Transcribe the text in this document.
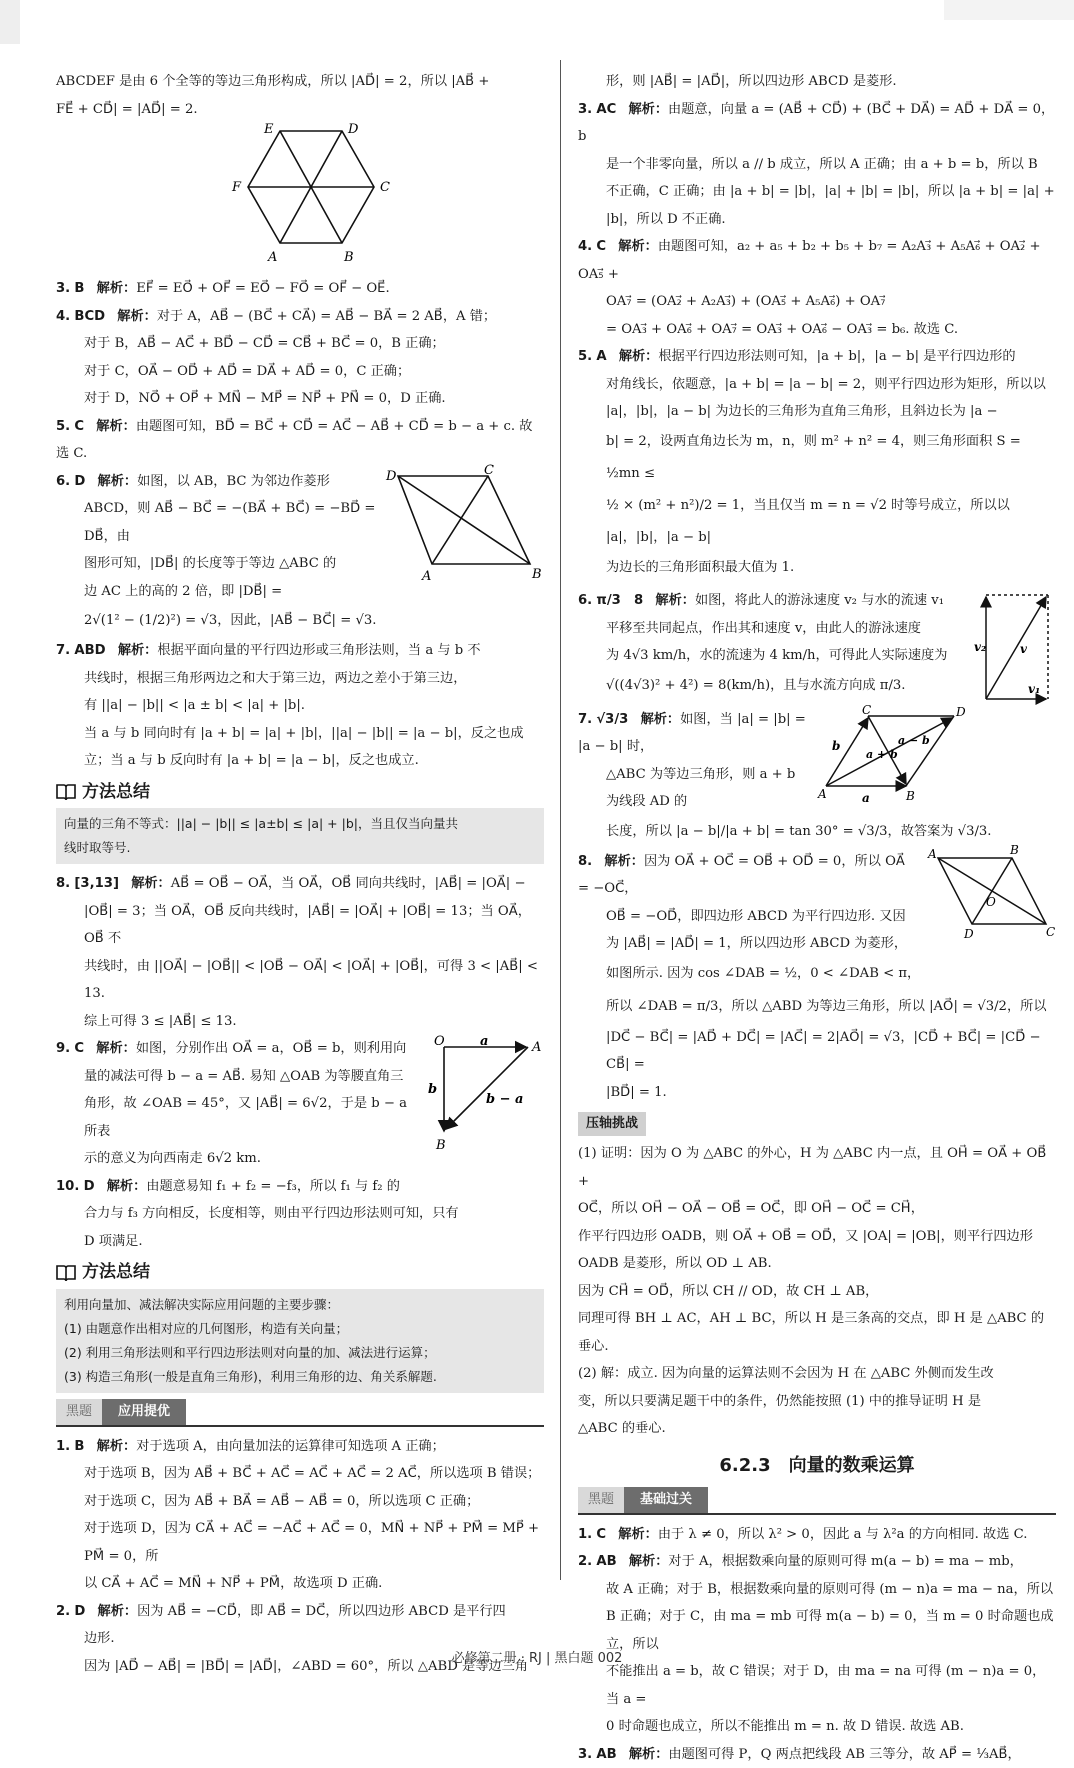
ABCDEF 是由 6 个全等的等边三角形构成，所以 |AD⃗| = 2，所以 |AB⃗ +

FE⃗ + CD⃗| = |AD⃗| = 2.

E	D
F	C
A	B

3. B 解析：EF⃗ = EO⃗ + OF⃗ = EO⃗ − FO⃗ = OF⃗ − OE⃗.

4. BCD 解析：对于 A，AB⃗ − (BC⃗ + CA⃗) = AB⃗ − BA⃗ = 2 AB⃗，A 错；

对于 B，AB⃗ − AC⃗ + BD⃗ − CD⃗ = CB⃗ + BC⃗ = 0，B 正确；

对于 C，OA⃗ − OD⃗ + AD⃗ = DA⃗ + AD⃗ = 0，C 正确；

对于 D，NO⃗ + OP⃗ + MN⃗ − MP⃗ = NP⃗ + PN⃗ = 0，D 正确.

5. C 解析：由题图可知，BD⃗ = BC⃗ + CD⃗ = AC⃗ − AB⃗ + CD⃗ = b − a + c. 故选 C.

D	C
A	B

6. D 解析：如图，以 AB，BC 为邻边作菱形

ABCD，则 AB⃗ − BC⃗ = −(BA⃗ + BC⃗) = −BD⃗ = DB⃗，由

图形可知，|DB⃗| 的长度等于等边 △ABC 的

边 AC 上的高的 2 倍，即 |DB⃗| =

2√(1² − (1/2)²) = √3，因此，|AB⃗ − BC⃗| = √3.

7. ABD 解析：根据平面向量的平行四边形或三角形法则，当 a 与 b 不

共线时，根据三角形两边之和大于第三边，两边之差小于第三边，

有 ||a| − |b|| < |a ± b| < |a| + |b|.

当 a 与 b 同向时有 |a + b| = |a| + |b|，||a| − |b|| = |a − b|，反之也成

立；当 a 与 b 反向时有 |a + b| = |a − b|，反之也成立.

方法总结
向量的三角不等式：||a| − |b|| ≤ |a±b| ≤ |a| + |b|，当且仅当向量共
线时取等号.

8. [3,13] 解析：AB⃗ = OB⃗ − OA⃗，当 OA⃗，OB⃗ 同向共线时，|AB⃗| = |OA⃗| −

|OB⃗| = 3；当 OA⃗，OB⃗ 反向共线时，|AB⃗| = |OA⃗| + |OB⃗| = 13；当 OA⃗，OB⃗ 不

共线时，由 ||OA⃗| − |OB⃗|| < |OB⃗ − OA⃗| < |OA⃗| + |OB⃗|，可得 3 < |AB⃗| < 13.

综上可得 3 ≤ |AB⃗| ≤ 13.

O	A
B
a
b
b − a

9. C 解析：如图，分别作出 OA⃗ = a，OB⃗ = b，则利用向

量的减法可得 b − a = AB⃗. 易知 △OAB 为等腰直角三

角形，故 ∠OAB = 45°，又 |AB⃗| = 6√2，于是 b − a 所表

示的意义为向西南走 6√2 km.

10. D 解析：由题意易知 f₁ + f₂ = −f₃，所以 f₁ 与 f₂ 的

合力与 f₃ 方向相反，长度相等，则由平行四边形法则可知，只有

D 项满足.

方法总结
利用向量加、减法解决实际应用问题的主要步骤：
(1) 由题意作出相对应的几何图形，构造有关向量；
(2) 利用三角形法则和平行四边形法则对向量的加、减法进行运算；
(3) 构造三角形(一般是直角三角形)，利用三角形的边、角关系解题.
黑题	应用提优

1. B 解析：对于选项 A，由向量加法的运算律可知选项 A 正确；

对于选项 B，因为 AB⃗ + BC⃗ + AC⃗ = AC⃗ + AC⃗ = 2 AC⃗，所以选项 B 错误；

对于选项 C，因为 AB⃗ + BA⃗ = AB⃗ − AB⃗ = 0，所以选项 C 正确；

对于选项 D，因为 CA⃗ + AC⃗ = −AC⃗ + AC⃗ = 0，MN⃗ + NP⃗ + PM⃗ = MP⃗ + PM⃗ = 0，所

以 CA⃗ + AC⃗ = MN⃗ + NP⃗ + PM⃗，故选项 D 正确.

2. D 解析：因为 AB⃗ = −CD⃗，即 AB⃗ = DC⃗，所以四边形 ABCD 是平行四

边形.

因为 |AD⃗ − AB⃗| = |BD⃗| = |AD⃗|，∠ABD = 60°，所以 △ABD 是等边三角

形，则 |AB⃗| = |AD⃗|，所以四边形 ABCD 是菱形.

3. AC 解析：由题意，向量 a = (AB⃗ + CD⃗) + (BC⃗ + DA⃗) = AD⃗ + DA⃗ = 0，b

是一个非零向量，所以 a // b 成立，所以 A 正确；由 a + b = b，所以 B

不正确，C 正确；由 |a + b| = |b|，|a| + |b| = |b|，所以 |a + b| = |a| +

|b|，所以 D 不正确.

4. C 解析：由题图可知，a₂ + a₅ + b₂ + b₅ + b₇ = A₂A₃⃗ + A₅A₆⃗ + OA₂⃗ + OA₅⃗ +

OA₇⃗ = (OA₂⃗ + A₂A₃⃗) + (OA₅⃗ + A₅A₆⃗) + OA₇⃗

= OA₃⃗ + OA₆⃗ + OA₇⃗ = OA₃⃗ + OA₆⃗ − OA₃⃗ = b₆. 故选 C.

5. A 解析：根据平行四边形法则可知，|a + b|，|a − b| 是平行四边形的

对角线长，依题意，|a + b| = |a − b| = 2，则平行四边形为矩形，所以以

|a|，|b|，|a − b| 为边长的三角形为直角三角形，且斜边长为 |a −

b| = 2，设两直角边长为 m，n，则 m² + n² = 4，则三角形面积 S = ½mn ≤

½ × (m² + n²)/2 = 1，当且仅当 m = n = √2 时等号成立，所以以 |a|，|b|，|a − b|

为边长的三角形面积最大值为 1.

v₂	v
v₁

6. π/3　8 解析：如图，将此人的游泳速度 v₂ 与水的流速 v₁

平移至共同起点，作出其和速度 v，由此人的游泳速度

为 4√3 km/h，水的流速为 4 km/h，可得此人实际速度为

√((4√3)² + 4²) = 8(km/h)，且与水流方向成 π/3.

A	B
C	D
a
b
a + b
a − b

7. √3/3 解析：如图，当 |a| = |b| = |a − b| 时，

△ABC 为等边三角形，则 a + b 为线段 AD 的

长度，所以 |a − b|/|a + b| = tan 30° = √3/3，故答案为 √3/3.

A	B
C
D
O

8. 解析：因为 OA⃗ + OC⃗ = OB⃗ + OD⃗ = 0，所以 OA⃗ = −OC⃗，

OB⃗ = −OD⃗，即四边形 ABCD 为平行四边形. 又因

为 |AB⃗| = |AD⃗| = 1，所以四边形 ABCD 为菱形，

如图所示. 因为 cos ∠DAB = ½，0 < ∠DAB < π，

所以 ∠DAB = π/3，所以 △ABD 为等边三角形，所以 |AO⃗| = √3/2，所以

|DC⃗ − BC⃗| = |AD⃗ + DC⃗| = |AC⃗| = 2|AO⃗| = √3，|CD⃗ + BC⃗| = |CD⃗ − CB⃗| =

|BD⃗| = 1.

压轴挑战

(1) 证明：因为 O 为 △ABC 的外心，H 为 △ABC 内一点，且 OH⃗ = OA⃗ + OB⃗ +

OC⃗，所以 OH⃗ − OA⃗ − OB⃗ = OC⃗，即 OH⃗ − OC⃗ = CH⃗，

作平行四边形 OADB，则 OA⃗ + OB⃗ = OD⃗，又 |OA| = |OB|，则平行四边形

OADB 是菱形，所以 OD ⊥ AB.

因为 CH⃗ = OD⃗，所以 CH // OD，故 CH ⊥ AB，

同理可得 BH ⊥ AC，AH ⊥ BC，所以 H 是三条高的交点，即 H 是 △ABC 的

垂心.

(2) 解：成立. 因为向量的运算法则不会因为 H 在 △ABC 外侧而发生改

变，所以只要满足题干中的条件，仍然能按照 (1) 中的推导证明 H 是

△ABC 的垂心.

6.2.3　向量的数乘运算
黑题	基础过关

1. C 解析：由于 λ ≠ 0，所以 λ² > 0，因此 a 与 λ²a 的方向相同. 故选 C.

2. AB 解析：对于 A，根据数乘向量的原则可得 m(a − b) = ma − mb，

故 A 正确；对于 B，根据数乘向量的原则可得 (m − n)a = ma − na，所以

B 正确；对于 C，由 ma = mb 可得 m(a − b) = 0，当 m = 0 时命题也成立，所以

不能推出 a = b，故 C 错误；对于 D，由 ma = na 可得 (m − n)a = 0，当 a =

0 时命题也成立，所以不能推出 m = n. 故 D 错误. 故选 AB.

3. AB 解析：由题图可得 P，Q 两点把线段 AB 三等分，故 AP⃗ = ⅓AB⃗，

必修第二册 · RJ | 黑白题 002
